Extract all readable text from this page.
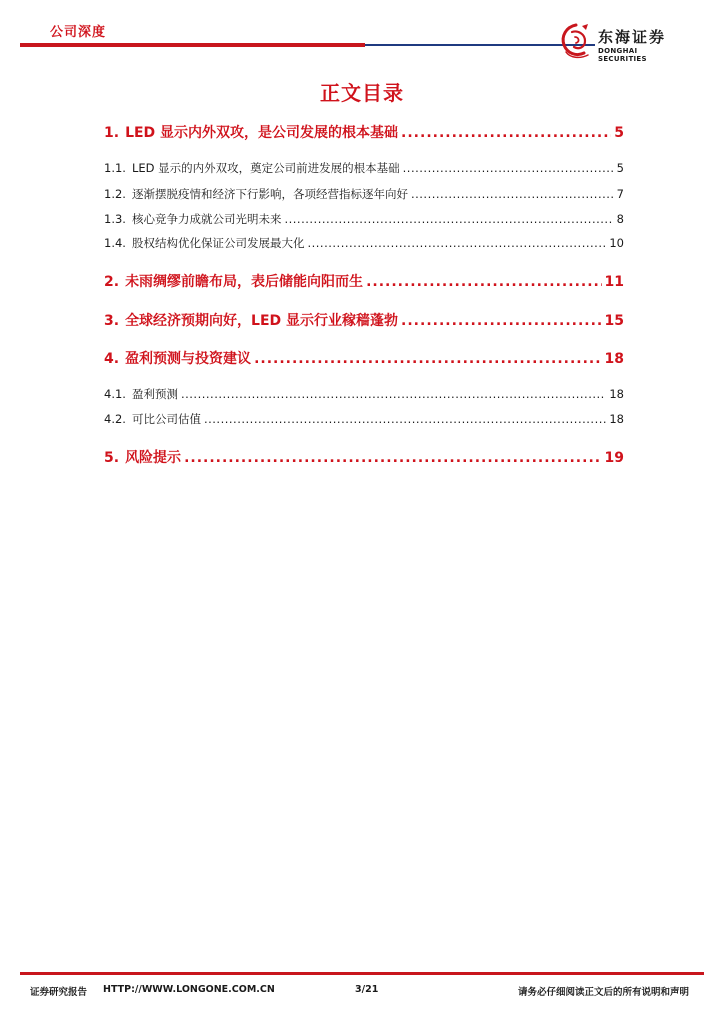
公司深度	东海证券
DONGHAI SECURITIES
正文目录
1. LED 显示内外双攻，是公司发展的根本基础 .....	5
1.1. LED 显示的内外双攻，奠定公司前进发展的根本基础 .....	5
1.2. 逐渐摆脱疫情和经济下行影响，各项经营指标逐年向好 .....	7
1.3. 核心竞争力成就公司光明未来 .....	8
1.4. 股权结构优化保证公司发展最大化 .....	10
2. 未雨绸缪前瞻布局，表后储能向阳而生 .....	11
3. 全球经济预期向好，LED 显示行业稼穑蓬勃 .....	15
4. 盈利预测与投资建议 .....	18
4.1. 盈利预测 .....	18
4.2. 可比公司估值 .....	18
5. 风险提示 .....	19
证券研究报告 HTTP://WWW.LONGONE.COM.CN	3/21	请务必仔细阅读正文后的所有说明和声明
